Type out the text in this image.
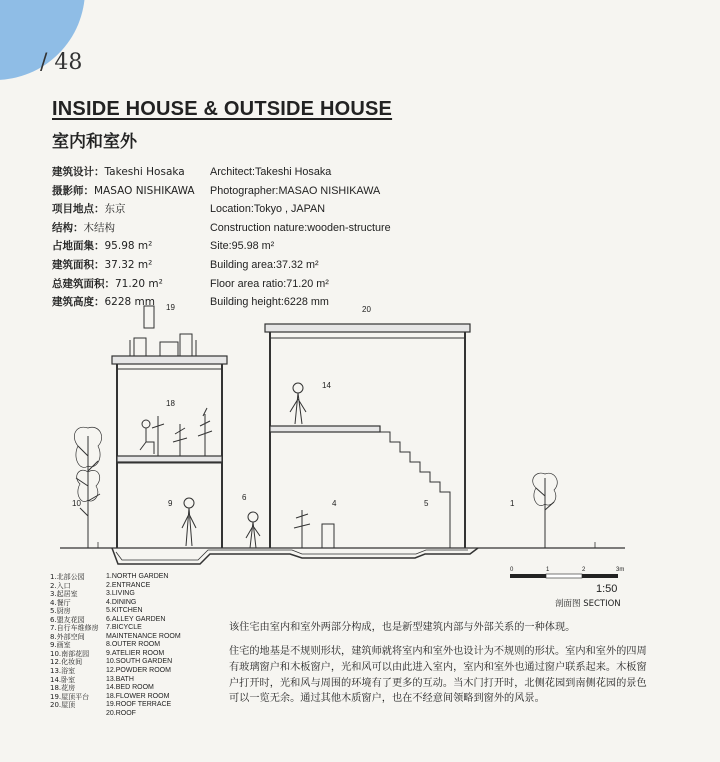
/ 48
INSIDE HOUSE & OUTSIDE HOUSE
室内和室外
建筑设计： Takeshi Hosaka
摄影师： MASAO NISHIKAWA
项目地点： 东京
结构： 木结构
占地面集： 95.98 m²
建筑面积： 37.32 m²
总建筑面积： 71.20 m²
建筑高度： 6228 mm
Architect: Takeshi Hosaka
Photographer: MASAO NISHIKAWA
Location: Tokyo , JAPAN
Construction nature: wooden-structure
Site: 95.98 m²
Building area: 37.32 m²
Floor area ratio: 71.20 m²
Building height: 6228 mm
19
18
10	9
6
20
14
4	5	1
0	1	2	3m
1:50
剖面图 SECTION
1.北部公园
2.入口
3.起居室
4.餐厅
5.厨房
6.盟友花园
7.自行车维修房
8.外部空间
9.画室
10.南部花园
12.化妆间
13.浴室
14.卧室
18.花房
19.屋顶平台
20.屋顶
1.NORTH GARDEN
2.ENTRANCE
3.LIVING
4.DINING
5.KITCHEN
6.ALLEY GARDEN
7.BICYCLE
MAINTENANCE ROOM
8.OUTER ROOM
9.ATELIER ROOM
10.SOUTH GARDEN
12.POWDER ROOM
13.BATH
14.BED ROOM
18.FLOWER ROOM
19.ROOF TERRACE
20.ROOF
该住宅由室内和室外两部分构成，也是新型建筑内部与外部关系的一种体现。
住宅的地基是不规则形状，建筑师就将室内和室外也设计为不规则的形状。室内和室外的四周有玻璃窗户和木板窗户，光和风可以由此进入室内，室内和室外也通过窗户联系起来。木板窗户打开时，光和风与周围的环境有了更多的互动。当木门打开时，北侧花园到南侧花园的景色可以一览无余。通过其他木质窗户，也在不经意间领略到窗外的风景。
